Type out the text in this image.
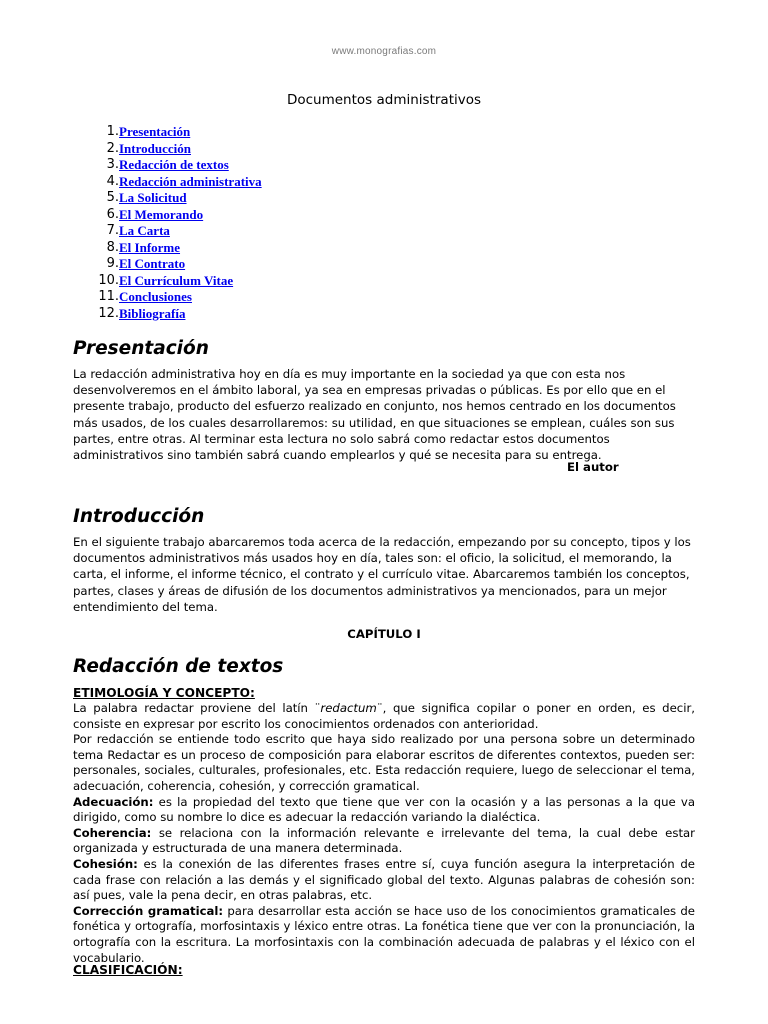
www.monografias.com
Documentos administrativos
1. Presentación
2. Introducción
3. Redacción de textos
4. Redacción administrativa
5. La Solicitud
6. El Memorando
7. La Carta
8. El Informe
9. El Contrato
10. El Currículum Vitae
11. Conclusiones
12. Bibliografía
Presentación

La redacción administrativa hoy en día es muy importante en la sociedad ya que con esta nos desenvolveremos en el ámbito laboral, ya sea en empresas privadas o públicas. Es por ello que en el presente trabajo, producto del esfuerzo realizado en conjunto, nos hemos centrado en los documentos más usados, de los cuales desarrollaremos: su utilidad, en que situaciones se emplean, cuáles son sus partes, entre otras. Al terminar esta lectura no solo sabrá como redactar estos documentos administrativos sino también sabrá cuando emplearlos y qué se necesita para su entrega.

El autor
Introducción

En el siguiente trabajo abarcaremos toda acerca de la redacción, empezando por su concepto, tipos y los documentos administrativos más usados hoy en día, tales son: el oficio, la solicitud, el memorando, la carta, el informe, el informe técnico, el contrato y el currículo vitae. Abarcaremos también los conceptos, partes, clases y áreas de difusión de los documentos administrativos ya mencionados, para un mejor entendimiento del tema.

CAPÍTULO I
Redacción de textos
ETIMOLOGÍA Y CONCEPTO:
La palabra redactar proviene del latín ¨redactum¨, que significa copilar o poner en orden, es decir, consiste en expresar por escrito los conocimientos ordenados con anterioridad.
Por redacción se entiende todo escrito que haya sido realizado por una persona sobre un determinado tema Redactar es un proceso de composición para elaborar escritos de diferentes contextos, pueden ser: personales, sociales, culturales, profesionales, etc. Esta redacción requiere, luego de seleccionar el tema, adecuación, coherencia, cohesión, y corrección gramatical.
Adecuación: es la propiedad del texto que tiene que ver con la ocasión y a las personas a la que va dirigido, como su nombre lo dice es adecuar la redacción variando la dialéctica.
Coherencia: se relaciona con la información relevante e irrelevante del tema, la cual debe estar organizada y estructurada de una manera determinada.
Cohesión: es la conexión de las diferentes frases entre sí, cuya función asegura la interpretación de cada frase con relación a las demás y el significado global del texto. Algunas palabras de cohesión son: así pues, vale la pena decir, en otras palabras, etc.
Corrección gramatical: para desarrollar esta acción se hace uso de los conocimientos gramaticales de fonética y ortografía, morfosintaxis y léxico entre otras. La fonética tiene que ver con la pronunciación, la ortografía con la escritura. La morfosintaxis con la combinación adecuada de palabras y el léxico con el vocabulario.
CLASIFICACIÓN:
